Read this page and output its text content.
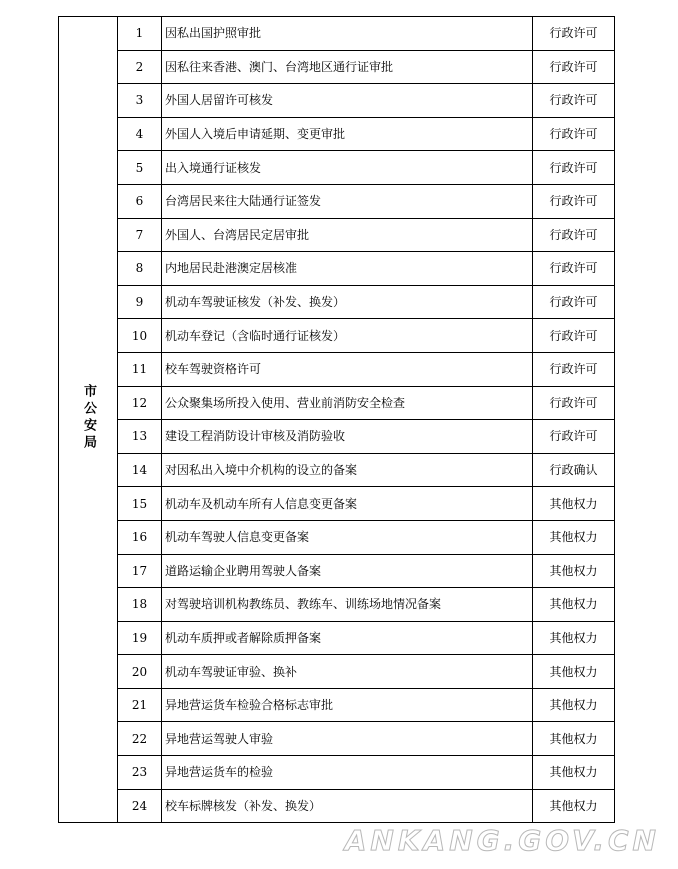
市公安局	1	因私出国护照审批	行政许可
	2	因私往来香港、澳门、台湾地区通行证审批	行政许可
	3	外国人居留许可核发	行政许可
	4	外国人入境后申请延期、变更审批	行政许可
	5	出入境通行证核发	行政许可
	6	台湾居民来往大陆通行证签发	行政许可
	7	外国人、台湾居民定居审批	行政许可
	8	内地居民赴港澳定居核准	行政许可
	9	机动车驾驶证核发（补发、换发）	行政许可
	10	机动车登记（含临时通行证核发）	行政许可
	11	校车驾驶资格许可	行政许可
	12	公众聚集场所投入使用、营业前消防安全检查	行政许可
	13	建设工程消防设计审核及消防验收	行政许可
	14	对因私出入境中介机构的设立的备案	行政确认
	15	机动车及机动车所有人信息变更备案	其他权力
	16	机动车驾驶人信息变更备案	其他权力
	17	道路运输企业聘用驾驶人备案	其他权力
	18	对驾驶培训机构教练员、教练车、训练场地情况备案	其他权力
	19	机动车质押或者解除质押备案	其他权力
	20	机动车驾驶证审验、换补	其他权力
	21	异地营运货车检验合格标志审批	其他权力
	22	异地营运驾驶人审验	其他权力
	23	异地营运货车的检验	其他权力
	24	校车标牌核发（补发、换发）	其他权力
ANKANG.GOV.CN
